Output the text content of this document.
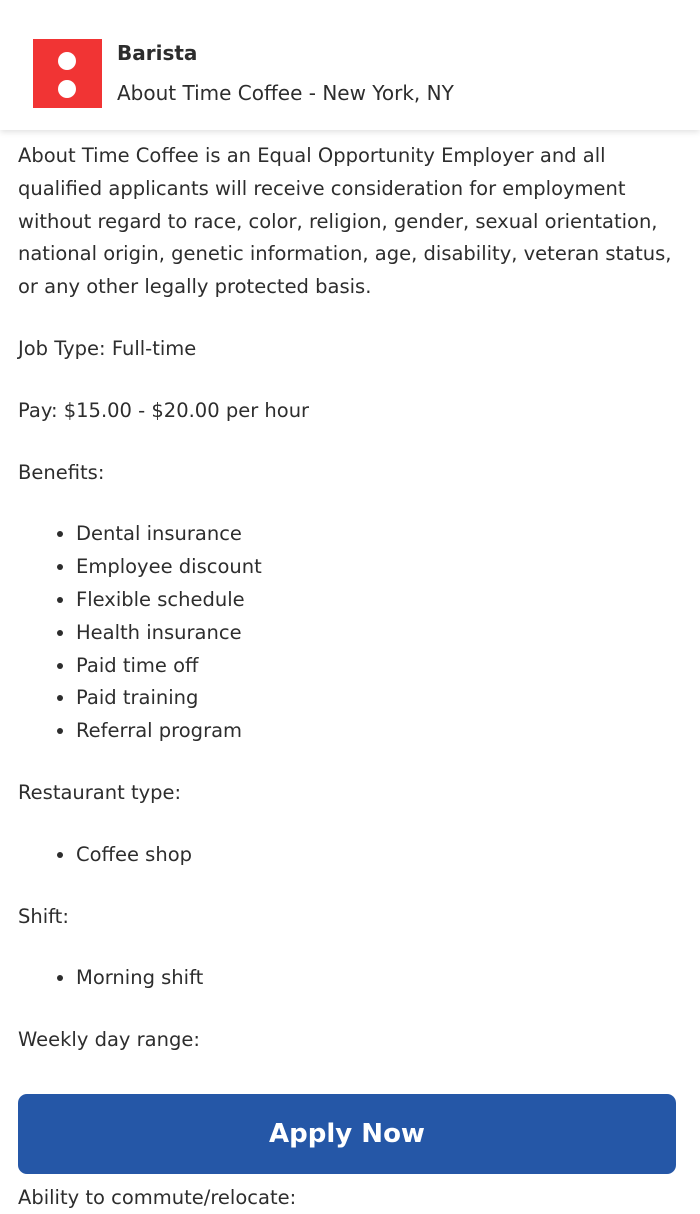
Barista
About Time Coffee - New York, NY

About Time Coffee is an Equal Opportunity Employer and all qualified applicants will receive consideration for employment without regard to race, color, religion, gender, sexual orientation, national origin, genetic information, age, disability, veteran status, or any other legally protected basis.

Job Type: Full-time

Pay: $15.00 - $20.00 per hour

Benefits:

• Dental insurance
• Employee discount
• Flexible schedule
• Health insurance
• Paid time off
• Paid training
• Referral program

Restaurant type:

• Coffee shop

Shift:

• Morning shift

Weekly day range:

Apply Now
Ability to commute/relocate:
